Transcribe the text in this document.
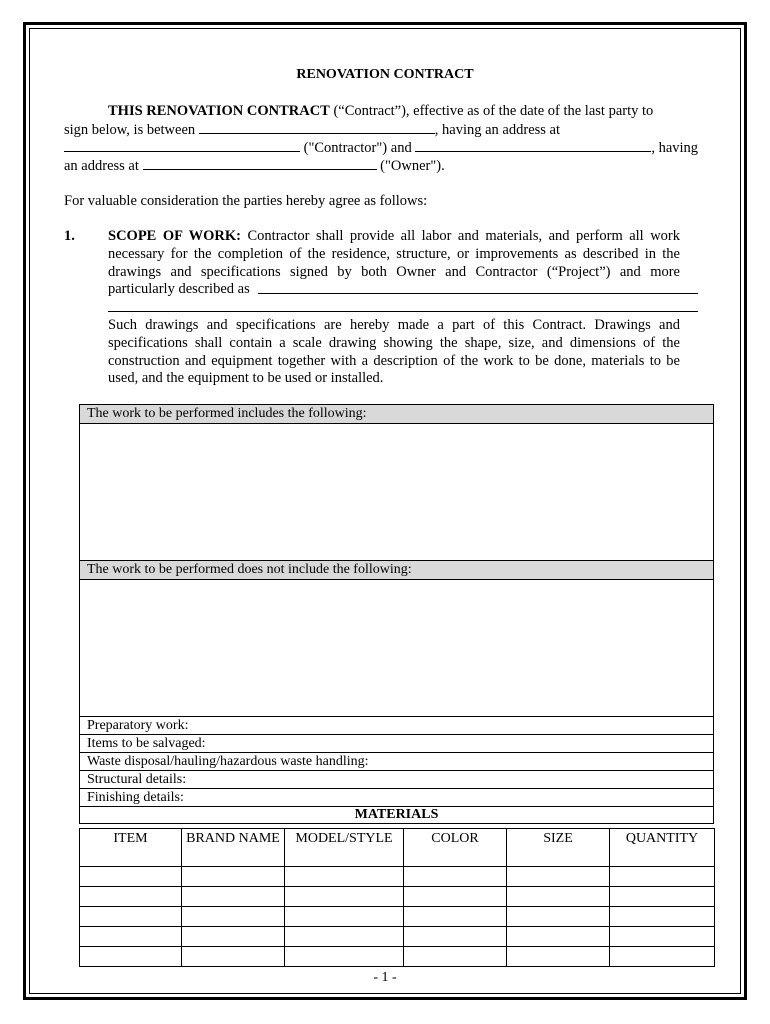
RENOVATION CONTRACT
THIS RENOVATION CONTRACT (“Contract”), effective as of the date of the last party to
sign below, is between	, having an address at
("Contractor") and	, having
an address at	("Owner").
For valuable consideration the parties hereby agree as follows:
1. SCOPE OF WORK: Contractor shall provide all labor and materials, and perform all work necessary for the completion of the residence, structure, or improvements as described in the drawings and specifications signed by both Owner and Contractor (“Project”) and more particularly described as

Such drawings and specifications are hereby made a part of this Contract. Drawings and specifications shall contain a scale drawing showing the shape, size, and dimensions of the construction and equipment together with a description of the work to be done, materials to be used, and the equipment to be used or installed.
The work to be performed includes the following:

The work to be performed does not include the following:

Preparatory work:
Items to be salvaged:
Waste disposal/hauling/hazardous waste handling:
Structural details:
Finishing details:
MATERIALS
ITEM	BRAND NAME	MODEL/STYLE	COLOR	SIZE	QUANTITY

- 1 -
